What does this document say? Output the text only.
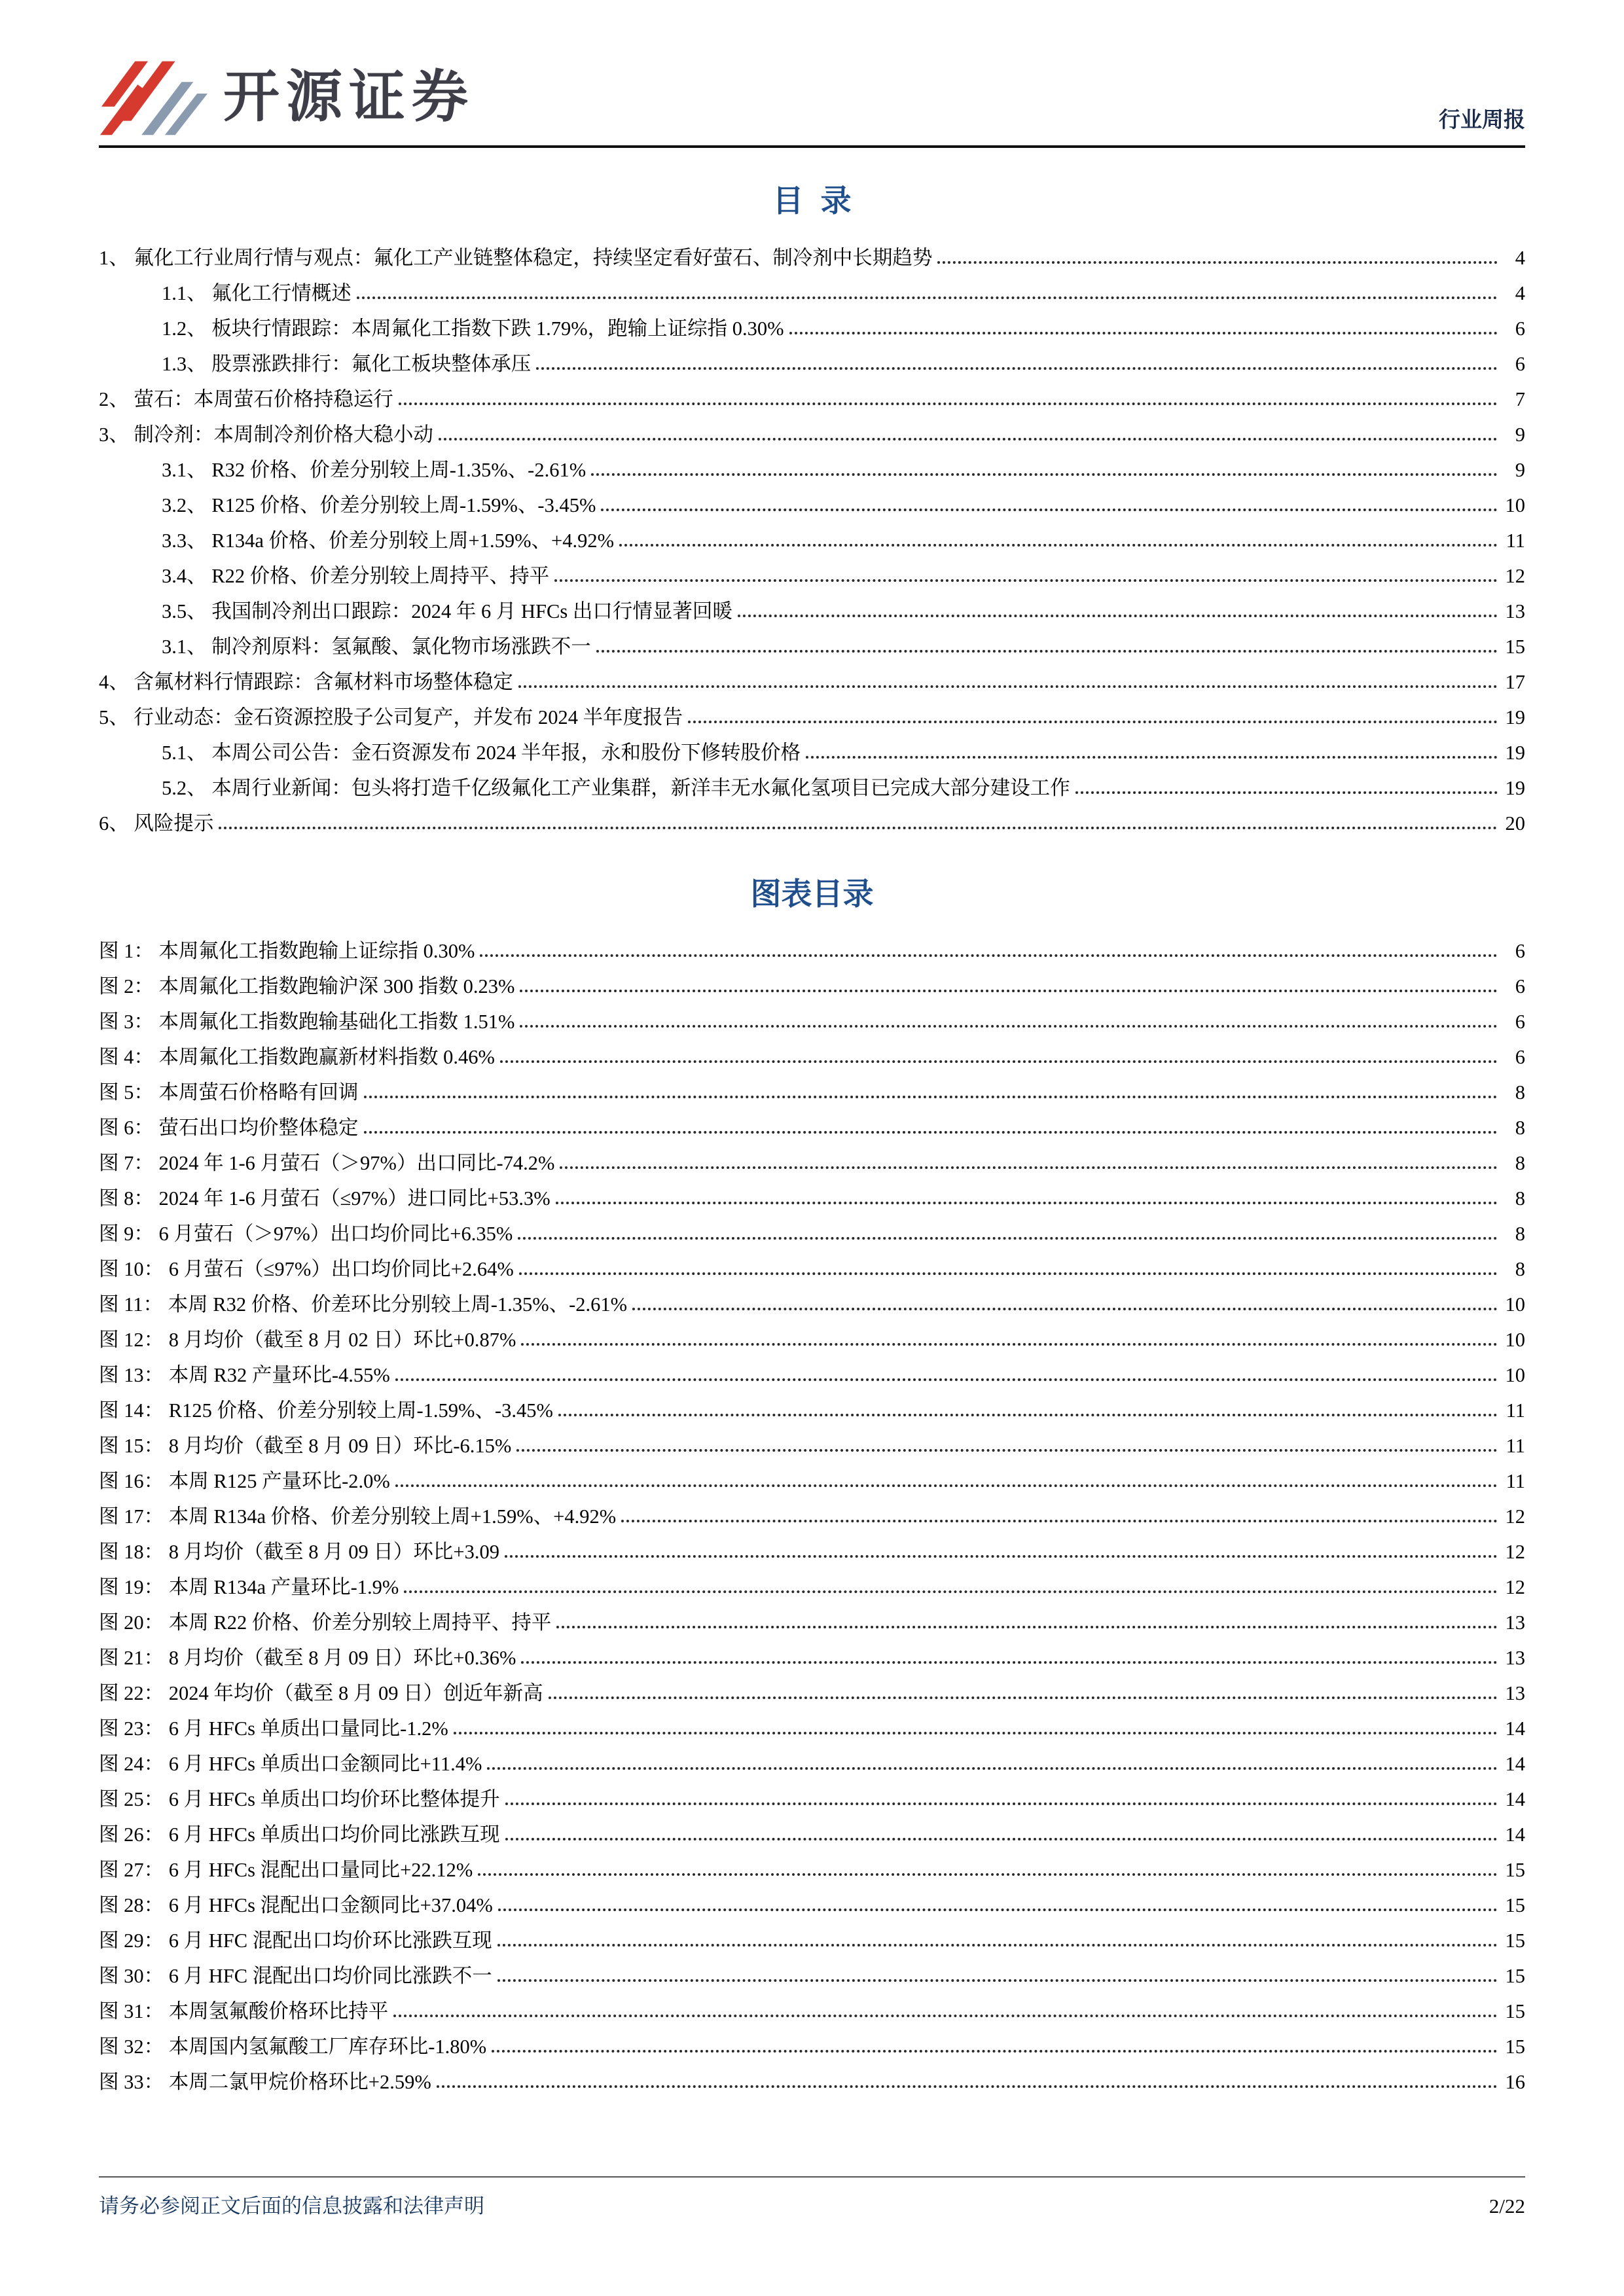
开源证券	行业周报
目  录
1、 氟化工行业周行情与观点：氟化工产业链整体稳定，持续坚定看好萤石、制冷剂中长期趋势	4
1.1、 氟化工行情概述	4
1.2、 板块行情跟踪：本周氟化工指数下跌 1.79%，跑输上证综指 0.30%	6
1.3、 股票涨跌排行：氟化工板块整体承压	6
2、 萤石：本周萤石价格持稳运行	7
3、 制冷剂：本周制冷剂价格大稳小动	9
3.1、 R32 价格、价差分别较上周-1.35%、-2.61%	9
3.2、 R125 价格、价差分别较上周-1.59%、-3.45%	10
3.3、 R134a 价格、价差分别较上周+1.59%、+4.92%	11
3.4、 R22 价格、价差分别较上周持平、持平	12
3.5、 我国制冷剂出口跟踪：2024 年 6 月 HFCs 出口行情显著回暖	13
3.1、 制冷剂原料：氢氟酸、氯化物市场涨跌不一	15
4、 含氟材料行情跟踪：含氟材料市场整体稳定	17
5、 行业动态：金石资源控股子公司复产，并发布 2024 半年度报告	19
5.1、 本周公司公告：金石资源发布 2024 半年报，永和股份下修转股价格	19
5.2、 本周行业新闻：包头将打造千亿级氟化工产业集群，新洋丰无水氟化氢项目已完成大部分建设工作	19
6、 风险提示	20
图表目录
图 1： 本周氟化工指数跑输上证综指 0.30%	6
图 2： 本周氟化工指数跑输沪深 300 指数 0.23%	6
图 3： 本周氟化工指数跑输基础化工指数 1.51%	6
图 4： 本周氟化工指数跑赢新材料指数 0.46%	6
图 5： 本周萤石价格略有回调	8
图 6： 萤石出口均价整体稳定	8
图 7： 2024 年 1-6 月萤石（＞97%）出口同比-74.2%	8
图 8： 2024 年 1-6 月萤石（≤97%）进口同比+53.3%	8
图 9： 6 月萤石（＞97%）出口均价同比+6.35%	8
图 10： 6 月萤石（≤97%）出口均价同比+2.64%	8
图 11： 本周 R32 价格、价差环比分别较上周-1.35%、-2.61%	10
图 12： 8 月均价（截至 8 月 02 日）环比+0.87%	10
图 13： 本周 R32 产量环比-4.55%	10
图 14： R125 价格、价差分别较上周-1.59%、-3.45%	11
图 15： 8 月均价（截至 8 月 09 日）环比-6.15%	11
图 16： 本周 R125 产量环比-2.0%	11
图 17： 本周 R134a 价格、价差分别较上周+1.59%、+4.92%	12
图 18： 8 月均价（截至 8 月 09 日）环比+3.09	12
图 19： 本周 R134a 产量环比-1.9%	12
图 20： 本周 R22 价格、价差分别较上周持平、持平	13
图 21： 8 月均价（截至 8 月 09 日）环比+0.36%	13
图 22： 2024 年均价（截至 8 月 09 日）创近年新高	13
图 23： 6 月 HFCs 单质出口量同比-1.2%	14
图 24： 6 月 HFCs 单质出口金额同比+11.4%	14
图 25： 6 月 HFCs 单质出口均价环比整体提升	14
图 26： 6 月 HFCs 单质出口均价同比涨跌互现	14
图 27： 6 月 HFCs 混配出口量同比+22.12%	15
图 28： 6 月 HFCs 混配出口金额同比+37.04%	15
图 29： 6 月 HFC 混配出口均价环比涨跌互现	15
图 30： 6 月 HFC 混配出口均价同比涨跌不一	15
图 31： 本周氢氟酸价格环比持平	15
图 32： 本周国内氢氟酸工厂库存环比-1.80%	15
图 33： 本周二氯甲烷价格环比+2.59%	16
请务必参阅正文后面的信息披露和法律声明	2/22
